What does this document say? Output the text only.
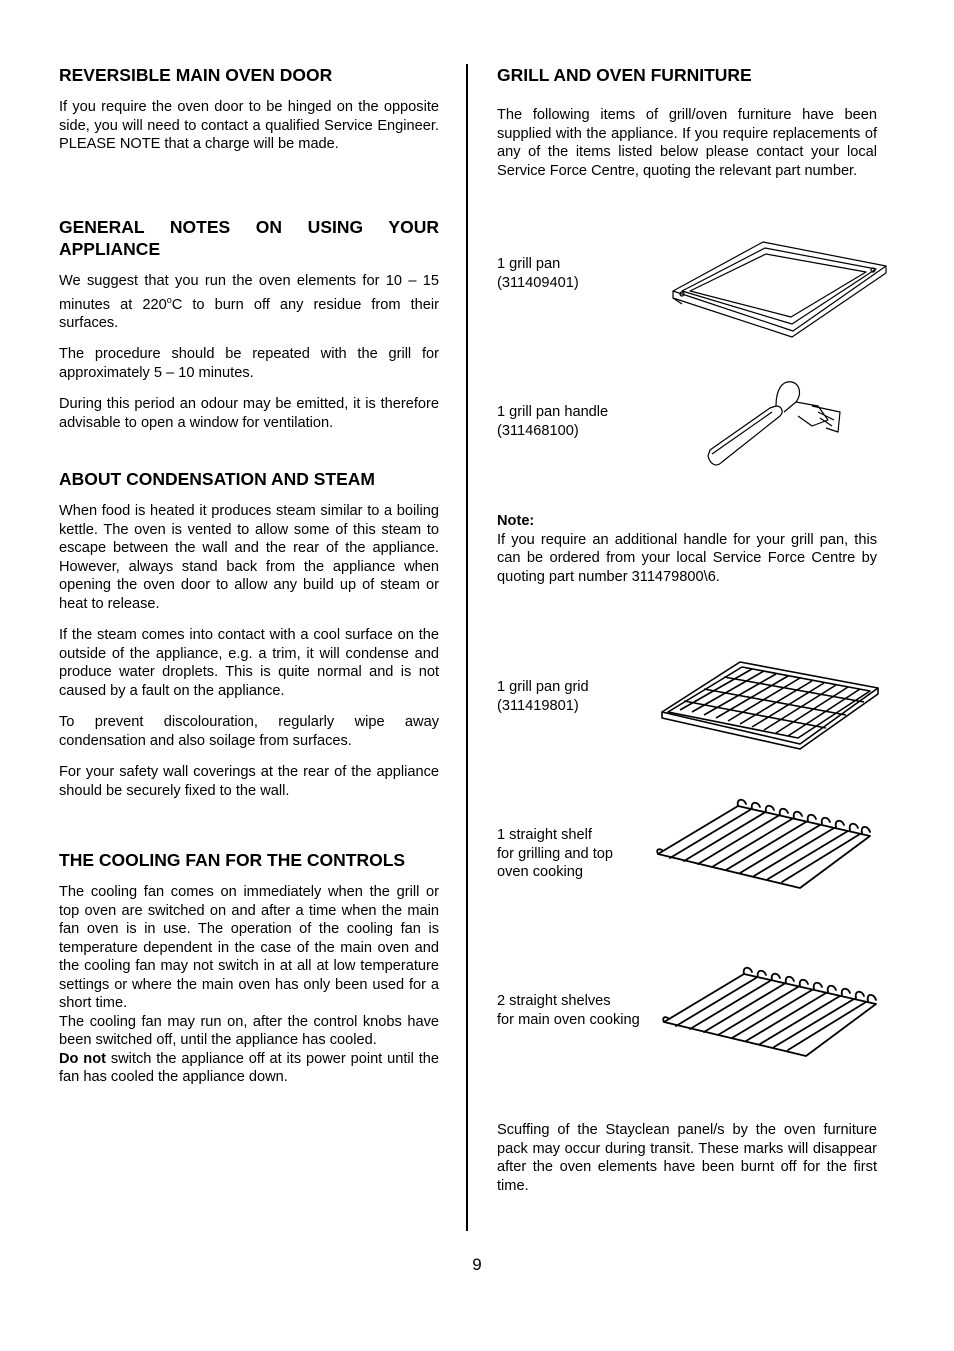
REVERSIBLE MAIN OVEN DOOR

If you require the oven door to be hinged on the opposite side, you will need to contact a qualified Service Engineer. PLEASE NOTE that a charge will be made.

GENERAL NOTES ON USING YOUR APPLIANCE

We suggest that you run the oven elements for 10 – 15 minutes at 220$^o$C to burn off any residue from their surfaces.

The procedure should be repeated with the grill for approximately 5 – 10 minutes.

During this period an odour may be emitted, it is therefore advisable to open a window for ventilation.

ABOUT CONDENSATION AND STEAM

When food is heated it produces steam similar to a boiling kettle. The oven is vented to allow some of this steam to escape between the wall and the rear of the appliance. However, always stand back from the appliance when opening the oven door to allow any build up of steam or heat to release.

If the steam comes into contact with a cool surface on the outside of the appliance, e.g. a trim, it will condense and produce water droplets. This is quite normal and is not caused by a fault on the appliance.

To prevent discolouration, regularly wipe away condensation and also soilage from surfaces.

For your safety wall coverings at the rear of the appliance should be securely fixed to the wall.

THE COOLING FAN FOR THE CONTROLS

The cooling fan comes on immediately when the grill or top oven are switched on and after a time when the main fan oven is in use. The operation of the cooling fan is temperature dependent in the case of the main oven and the cooling fan may not switch in at all at low temperature settings or where the main oven has only been used for a short time.

The cooling fan may run on, after the control knobs have been switched off, until the appliance has cooled.

Do not switch the appliance off at its power point until the fan has cooled the appliance down.

GRILL AND OVEN FURNITURE

The following items of grill/oven furniture have been supplied with the appliance. If you require replacements of any of the items listed below please contact your local Service Force Centre, quoting the relevant part number.

1 grill pan
(311409401)
1 grill pan handle
(311468100)

Note:

If you require an additional handle for your grill pan, this can be ordered from your local Service Force Centre by quoting part number 311479800\6.

1 grill pan grid
(311419801)
1 straight shelf
for grilling and top
oven cooking
2 straight shelves
for main oven cooking

Scuffing of the Stayclean panel/s by the oven furniture pack may occur during transit. These marks will disappear after the oven elements have been burnt off for the first time.

9
